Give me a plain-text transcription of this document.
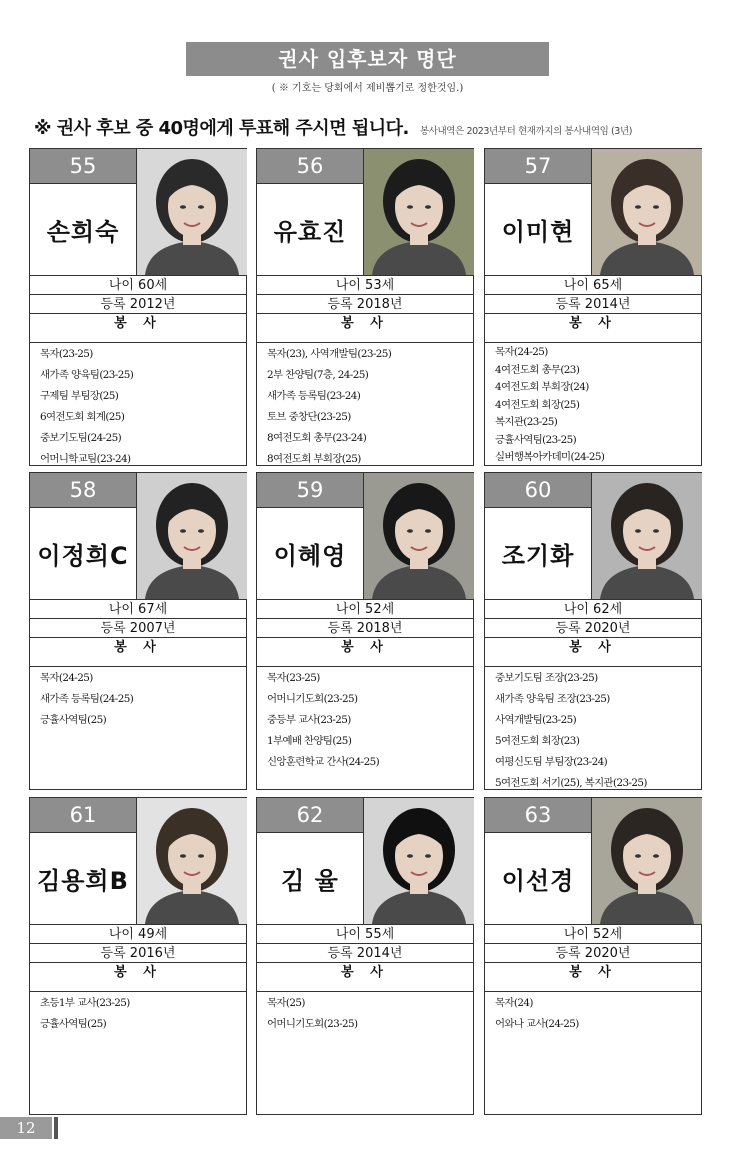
권사 입후보자 명단
( ※ 기호는 당회에서 제비뽑기로 정한것임.)
※ 권사 후보 중 40명에게 투표해 주시면 됩니다. 봉사내역은 2023년부터 현재까지의 봉사내역임 (3년)
55
손희숙
나이 60세
등록 2012년
봉 사
목자(23-25)
새가족 양육팀(23-25)
구제팀 부팀장(25)
6여전도회 회계(25)
중보기도팀(24-25)
어머니학교팀(23-24)
56
유효진
나이 53세
등록 2018년
봉 사
목자(23), 사역개발팀(23-25)
2부 찬양팀(7층, 24-25)
새가족 등록팀(23-24)
토브 중창단(23-25)
8여전도회 총무(23-24)
8여전도회 부회장(25)
57
이미현
나이 65세
등록 2014년
봉 사
목자(24-25)
4여전도회 총무(23)
4여전도회 부회장(24)
4여전도회 회장(25)
복지관(23-25)
긍휼사역팀(23-25)
실버행복아카데미(24-25)
58
이정희C
나이 67세
등록 2007년
봉 사
목자(24-25)
새가족 등록팀(24-25)
긍휼사역팀(25)
59
이혜영
나이 52세
등록 2018년
봉 사
목자(23-25)
어머니기도회(23-25)
중등부 교사(23-25)
1부예배 찬양팀(25)
신앙훈련학교 간사(24-25)
60
조기화
나이 62세
등록 2020년
봉 사
중보기도팀 조장(23-25)
새가족 양육팀 조장(23-25)
사역개발팀(23-25)
5여전도회 회장(23)
여평신도팀 부팀장(23-24)
5여전도회 서기(25), 복지관(23-25)
61
김용희B
나이 49세
등록 2016년
봉 사
초등1부 교사(23-25)
긍휼사역팀(25)
62
김 율
나이 55세
등록 2014년
봉 사
목자(25)
어머니기도회(23-25)
63
이선경
나이 52세
등록 2020년
봉 사
목자(24)
어와나 교사(24-25)
12
